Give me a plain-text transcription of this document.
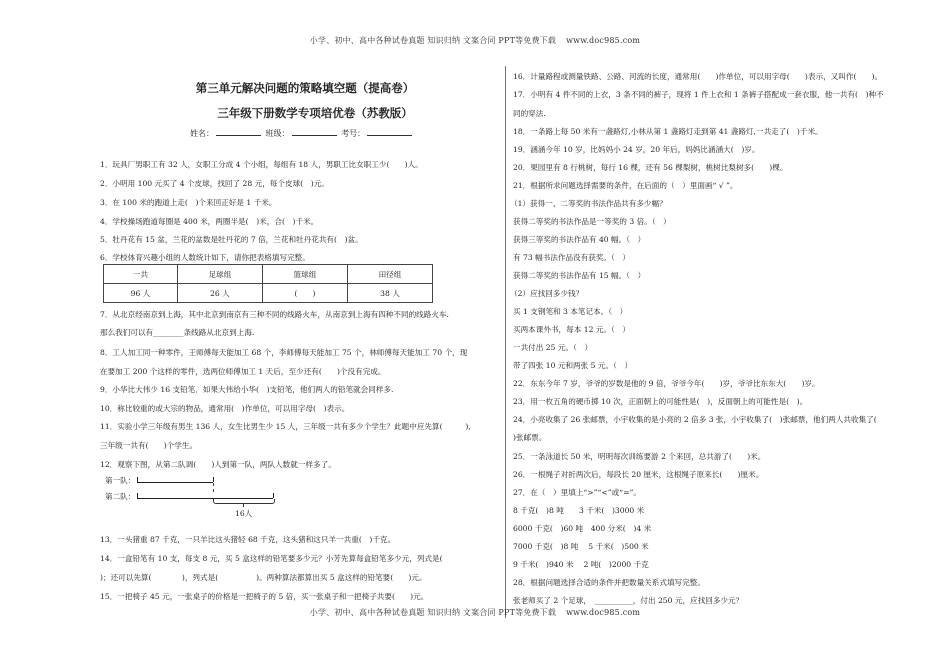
小学、初中、高中各种试卷真题 知识归纳 文案合同 PPT等免费下载 www.doc985.com
第三单元解决问题的策略填空题（提高卷）
三年级下册数学专项培优卷（苏教版）
姓名：	班级：	考号：
1．玩具厂男职工有 32 人，女职工分成 4 个小组，每组有 18 人，男职工比女职工少(　　)人。
2．小明用 100 元买了 4 个皮球，找回了 28 元，每个皮球(　)元。
3．在 100 米的跑道上走(　)个来回正好是 1 千米。
4．学校操场跑道每圈是 400 米，两圈半是(　)米，合(　)千米。
5．牡丹花有 15 盆，兰花的盆数是牡丹花的 7 倍，兰花和牡丹花共有(　)盆。
6．学校体育兴趣小组的人数统计如下，请你把表格填写完整。
一共	足球组	篮球组	田径组
96 人	26 人	(　　)	38 人
7．从北京经南京到上海，其中北京到南京有三种不同的线路火车，从南京到上海有四种不同的线路火车.
那么我们可以有________条线路从北京到上海.
8．工人加工同一种零件，王师傅每天能加工 68 个，李师傅每天能加工 75 个，林师傅每天能加工 70 个，现
在要加工 200 个这样的零件，选两位师傅加工 1 天后，至少还有(　　)个没有完成。
9．小华比大伟少 16 支铅笔．如果大伟给小华(　)支铅笔，他们两人的铅笔就会同样多.
10．称比较重的或大宗的物品，通常用(　)作单位，可以用字母(　)表示。
11．实验小学三年级有男生 136 人，女生比男生少 15 人，三年级一共有多少个学生？此题中应先算(　　　),
三年级一共有(　　)个学生。
12．观察下图，从第二队调(　　)人到第一队，两队人数就一样多了。
第一队：
第二队：
16人
13．一头猪重 87 千克，一只羊比这头猪轻 68 千克，这头猪和这只羊一共重(　)千克。
14．一盒铅笔有 10 支，每支 8 元，买 5 盒这样的铅笔要多少元？小芳先算每盒铅笔多少元，列式是(
)；还可以先算(　　　　)，列式是(　　　　　)。两种算法都算出买 5 盒这样的铅笔要(　　)元。
15．一把椅子 45 元，一张桌子的价格是一把椅子的 5 倍，买一张桌子和一把椅子共要(　　)元。
16．计量路程或测量铁路、公路、河流的长度，通常用(　　)作单位，可以用字母(　　)表示，又叫作(　　)。
17．小明有 4 件不同的上衣，3 条不同的裤子，现将 1 件上衣和 1 条裤子搭配成一套衣服，他一共有(　)种不
同的穿法.
18．一条路上每 50 米有一盏路灯,小林从第 1 盏路灯走到第 41 盏路灯,一共走了(　)千米。
19．涵涵今年 10 岁，比妈妈小 24 岁，20 年后，妈妈比涵涵大(　)岁。
20．果园里有 8 行桃树，每行 16 棵，还有 56 棵梨树，桃树比梨树多(　　)棵。
21．根据所求问题选择需要的条件，在后面的（　）里面画“ √ ”。
（1）获得一、二等奖的书法作品共有多少幅？
获得二等奖的书法作品是一等奖的 3 倍。（　）
获得三等奖的书法作品有 40 幅。（　）
有 73 幅书法作品没有获奖。（　）
获得二等奖的书法作品有 15 幅。（　）
（2）应找回多少钱？
买 1 支钢笔和 3 本笔记本。（　）
买两本课外书，每本 12 元。（　）
一共付出 25 元。（　）
带了四张 10 元和两张 5 元。（　）
22．东东今年 7 岁，爷爷的岁数是他的 9 倍，爷爷今年(　　)岁，爷爷比东东大(　　)岁。
23．用一枚五角的硬币掷 10 次，正面朝上的可能性是(　)，反面朝上的可能性是(　)。
24．小亮收集了 26 张邮票，小宇收集的是小亮的 2 倍多 3 张，小宇收集了(　)张邮票，他们两人共收集了(
)张邮票。
25．一条泳道长 50 米，明明每次训练要游 2 个来回，总共游了(　　)米。
26．一根绳子对折两次后，每段长 20 厘米，这根绳子原来长(　　)厘米。
27．在（　）里填上“>”“<”或“=”。
8 千克(　)8 吨　　3 千米(　)3000 米
6000 千克(　)60 吨　400 分米(　)4 米
7000 千克(　)8 吨　 5 千米(　)500 米
9 千米(　)940 米　 2 吨(　)2000 千克
28．根据问题选择合适的条件并把数量关系式填写完整。
张老师买了 2 个足球，　__________，付出 250 元，应找回多少元？
小学、初中、高中各种试卷真题 知识归纳 文案合同 PPT等免费下载 www.doc985.com
